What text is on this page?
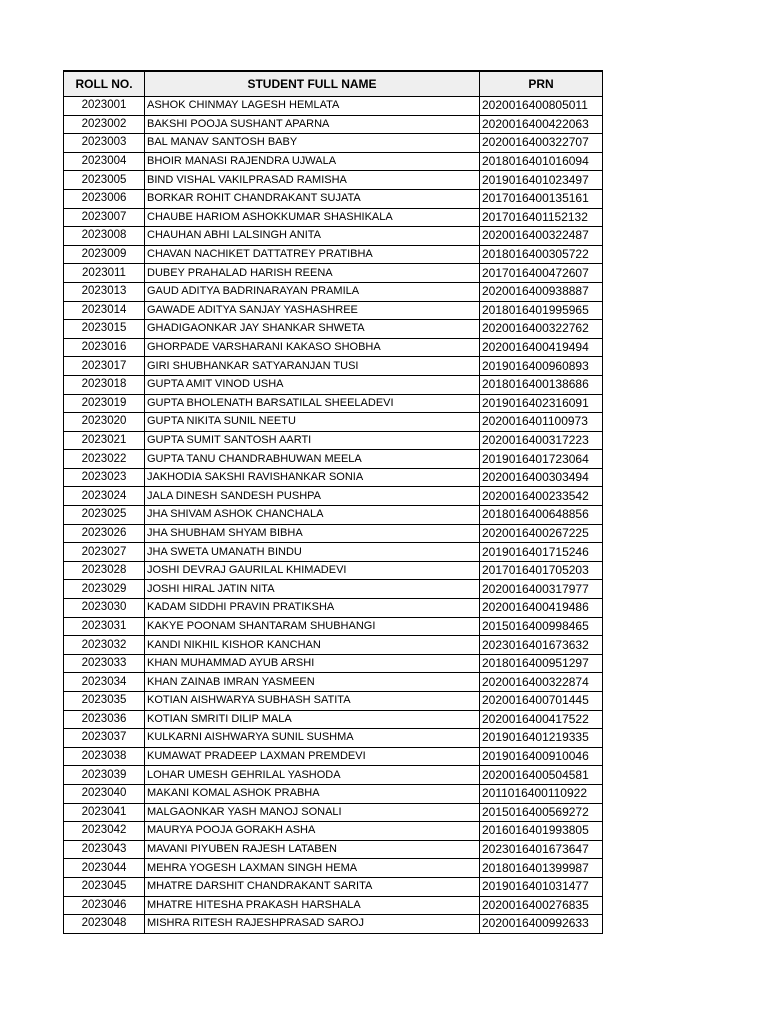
ROLL NO.	STUDENT FULL NAME	PRN
2023001	ASHOK CHINMAY LAGESH HEMLATA	2020016400805011
2023002	BAKSHI POOJA SUSHANT APARNA	2020016400422063
2023003	BAL MANAV SANTOSH BABY	2020016400322707
2023004	BHOIR MANASI RAJENDRA UJWALA	2018016401016094
2023005	BIND VISHAL VAKILPRASAD RAMISHA	2019016401023497
2023006	BORKAR ROHIT CHANDRAKANT SUJATA	2017016400135161
2023007	CHAUBE HARIOM ASHOKKUMAR SHASHIKALA	2017016401152132
2023008	CHAUHAN ABHI LALSINGH ANITA	2020016400322487
2023009	CHAVAN NACHIKET DATTATREY PRATIBHA	2018016400305722
2023011	DUBEY PRAHALAD HARISH REENA	2017016400472607
2023013	GAUD ADITYA BADRINARAYAN PRAMILA	2020016400938887
2023014	GAWADE ADITYA SANJAY YASHASHREE	2018016401995965
2023015	GHADIGAONKAR JAY SHANKAR SHWETA	2020016400322762
2023016	GHORPADE VARSHARANI KAKASO SHOBHA	2020016400419494
2023017	GIRI SHUBHANKAR SATYARANJAN TUSI	2019016400960893
2023018	GUPTA AMIT VINOD USHA	2018016400138686
2023019	GUPTA BHOLENATH BARSATILAL SHEELADEVI	2019016402316091
2023020	GUPTA NIKITA SUNIL NEETU	2020016401100973
2023021	GUPTA SUMIT SANTOSH AARTI	2020016400317223
2023022	GUPTA TANU CHANDRABHUWAN MEELA	2019016401723064
2023023	JAKHODIA SAKSHI RAVISHANKAR SONIA	2020016400303494
2023024	JALA DINESH SANDESH PUSHPA	2020016400233542
2023025	JHA SHIVAM ASHOK CHANCHALA	2018016400648856
2023026	JHA SHUBHAM SHYAM BIBHA	2020016400267225
2023027	JHA SWETA UMANATH BINDU	2019016401715246
2023028	JOSHI DEVRAJ GAURILAL KHIMADEVI	2017016401705203
2023029	JOSHI HIRAL JATIN NITA	2020016400317977
2023030	KADAM SIDDHI PRAVIN PRATIKSHA	2020016400419486
2023031	KAKYE POONAM SHANTARAM SHUBHANGI	2015016400998465
2023032	KANDI NIKHIL KISHOR KANCHAN	2023016401673632
2023033	KHAN MUHAMMAD AYUB ARSHI	2018016400951297
2023034	KHAN ZAINAB IMRAN YASMEEN	2020016400322874
2023035	KOTIAN AISHWARYA SUBHASH SATITA	2020016400701445
2023036	KOTIAN SMRITI DILIP MALA	2020016400417522
2023037	KULKARNI AISHWARYA SUNIL SUSHMA	2019016401219335
2023038	KUMAWAT PRADEEP LAXMAN PREMDEVI	2019016400910046
2023039	LOHAR UMESH GEHRILAL YASHODA	2020016400504581
2023040	MAKANI KOMAL ASHOK PRABHA	2011016400110922
2023041	MALGAONKAR YASH MANOJ SONALI	2015016400569272
2023042	MAURYA POOJA GORAKH ASHA	2016016401993805
2023043	MAVANI PIYUBEN RAJESH LATABEN	2023016401673647
2023044	MEHRA YOGESH LAXMAN SINGH HEMA	2018016401399987
2023045	MHATRE DARSHIT CHANDRAKANT SARITA	2019016401031477
2023046	MHATRE HITESHA PRAKASH HARSHALA	2020016400276835
2023048	MISHRA RITESH RAJESHPRASAD SAROJ	2020016400992633
